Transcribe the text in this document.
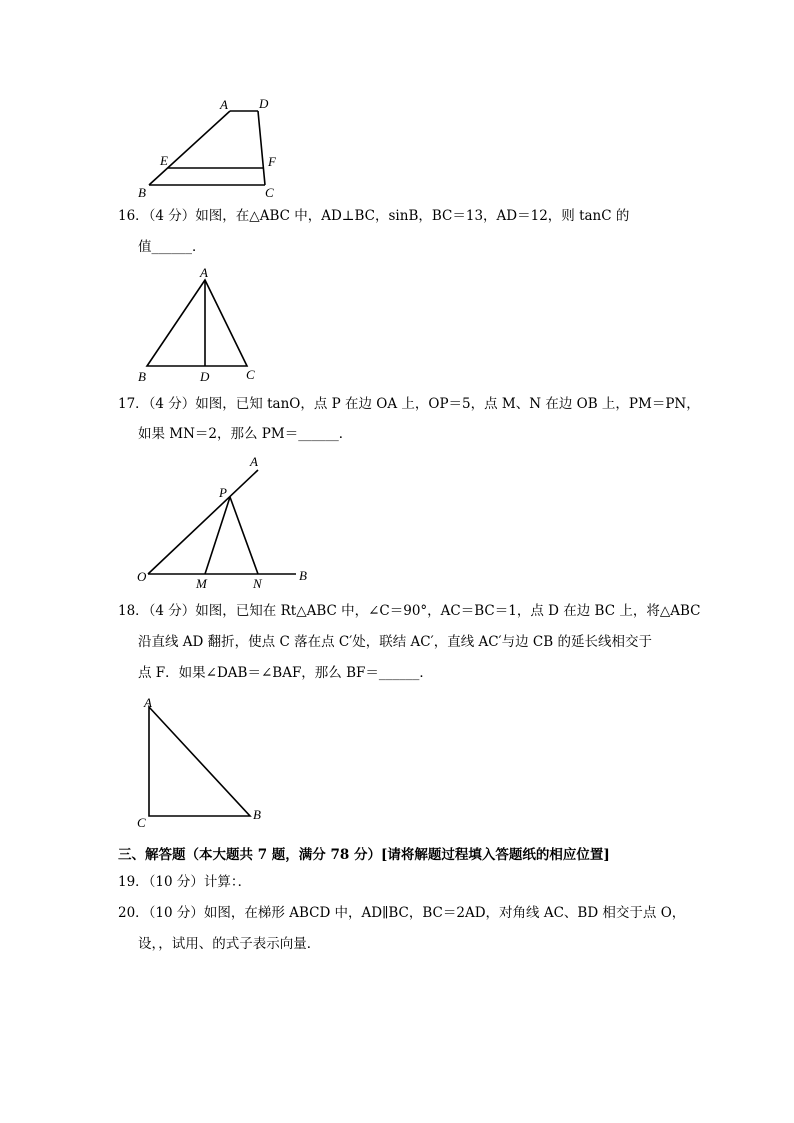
A D
E	F
B	C
16．（4 分）如图，在△ABC 中，AD⊥BC，sinB，BC＝13，AD＝12，则 tanC 的
值______．
A
B	D	C
17．（4 分）如图，已知 tanO，点 P 在边 OA 上，OP＝5，点 M、N 在边 OB 上，PM＝PN，
如果 MN＝2，那么 PM＝______．
A
P
O	M	N
B
18．（4 分）如图，已知在 Rt△ABC 中，∠C＝90°，AC＝BC＝1，点 D 在边 BC 上，将△ABC
沿直线 AD 翻折，使点 C 落在点 C′处，联结 AC′，直线 AC′与边 CB 的延长线相交于
点 F．如果∠DAB＝∠BAF，那么 BF＝______．
A
C
B
三、解答题（本大题共 7 题，满分 78 分）[请将解题过程填入答题纸的相应位置]
19．（10 分）计算：．
20．（10 分）如图，在梯形 ABCD 中，AD∥BC，BC＝2AD，对角线 AC、BD 相交于点 O，
设，，试用、的式子表示向量．
